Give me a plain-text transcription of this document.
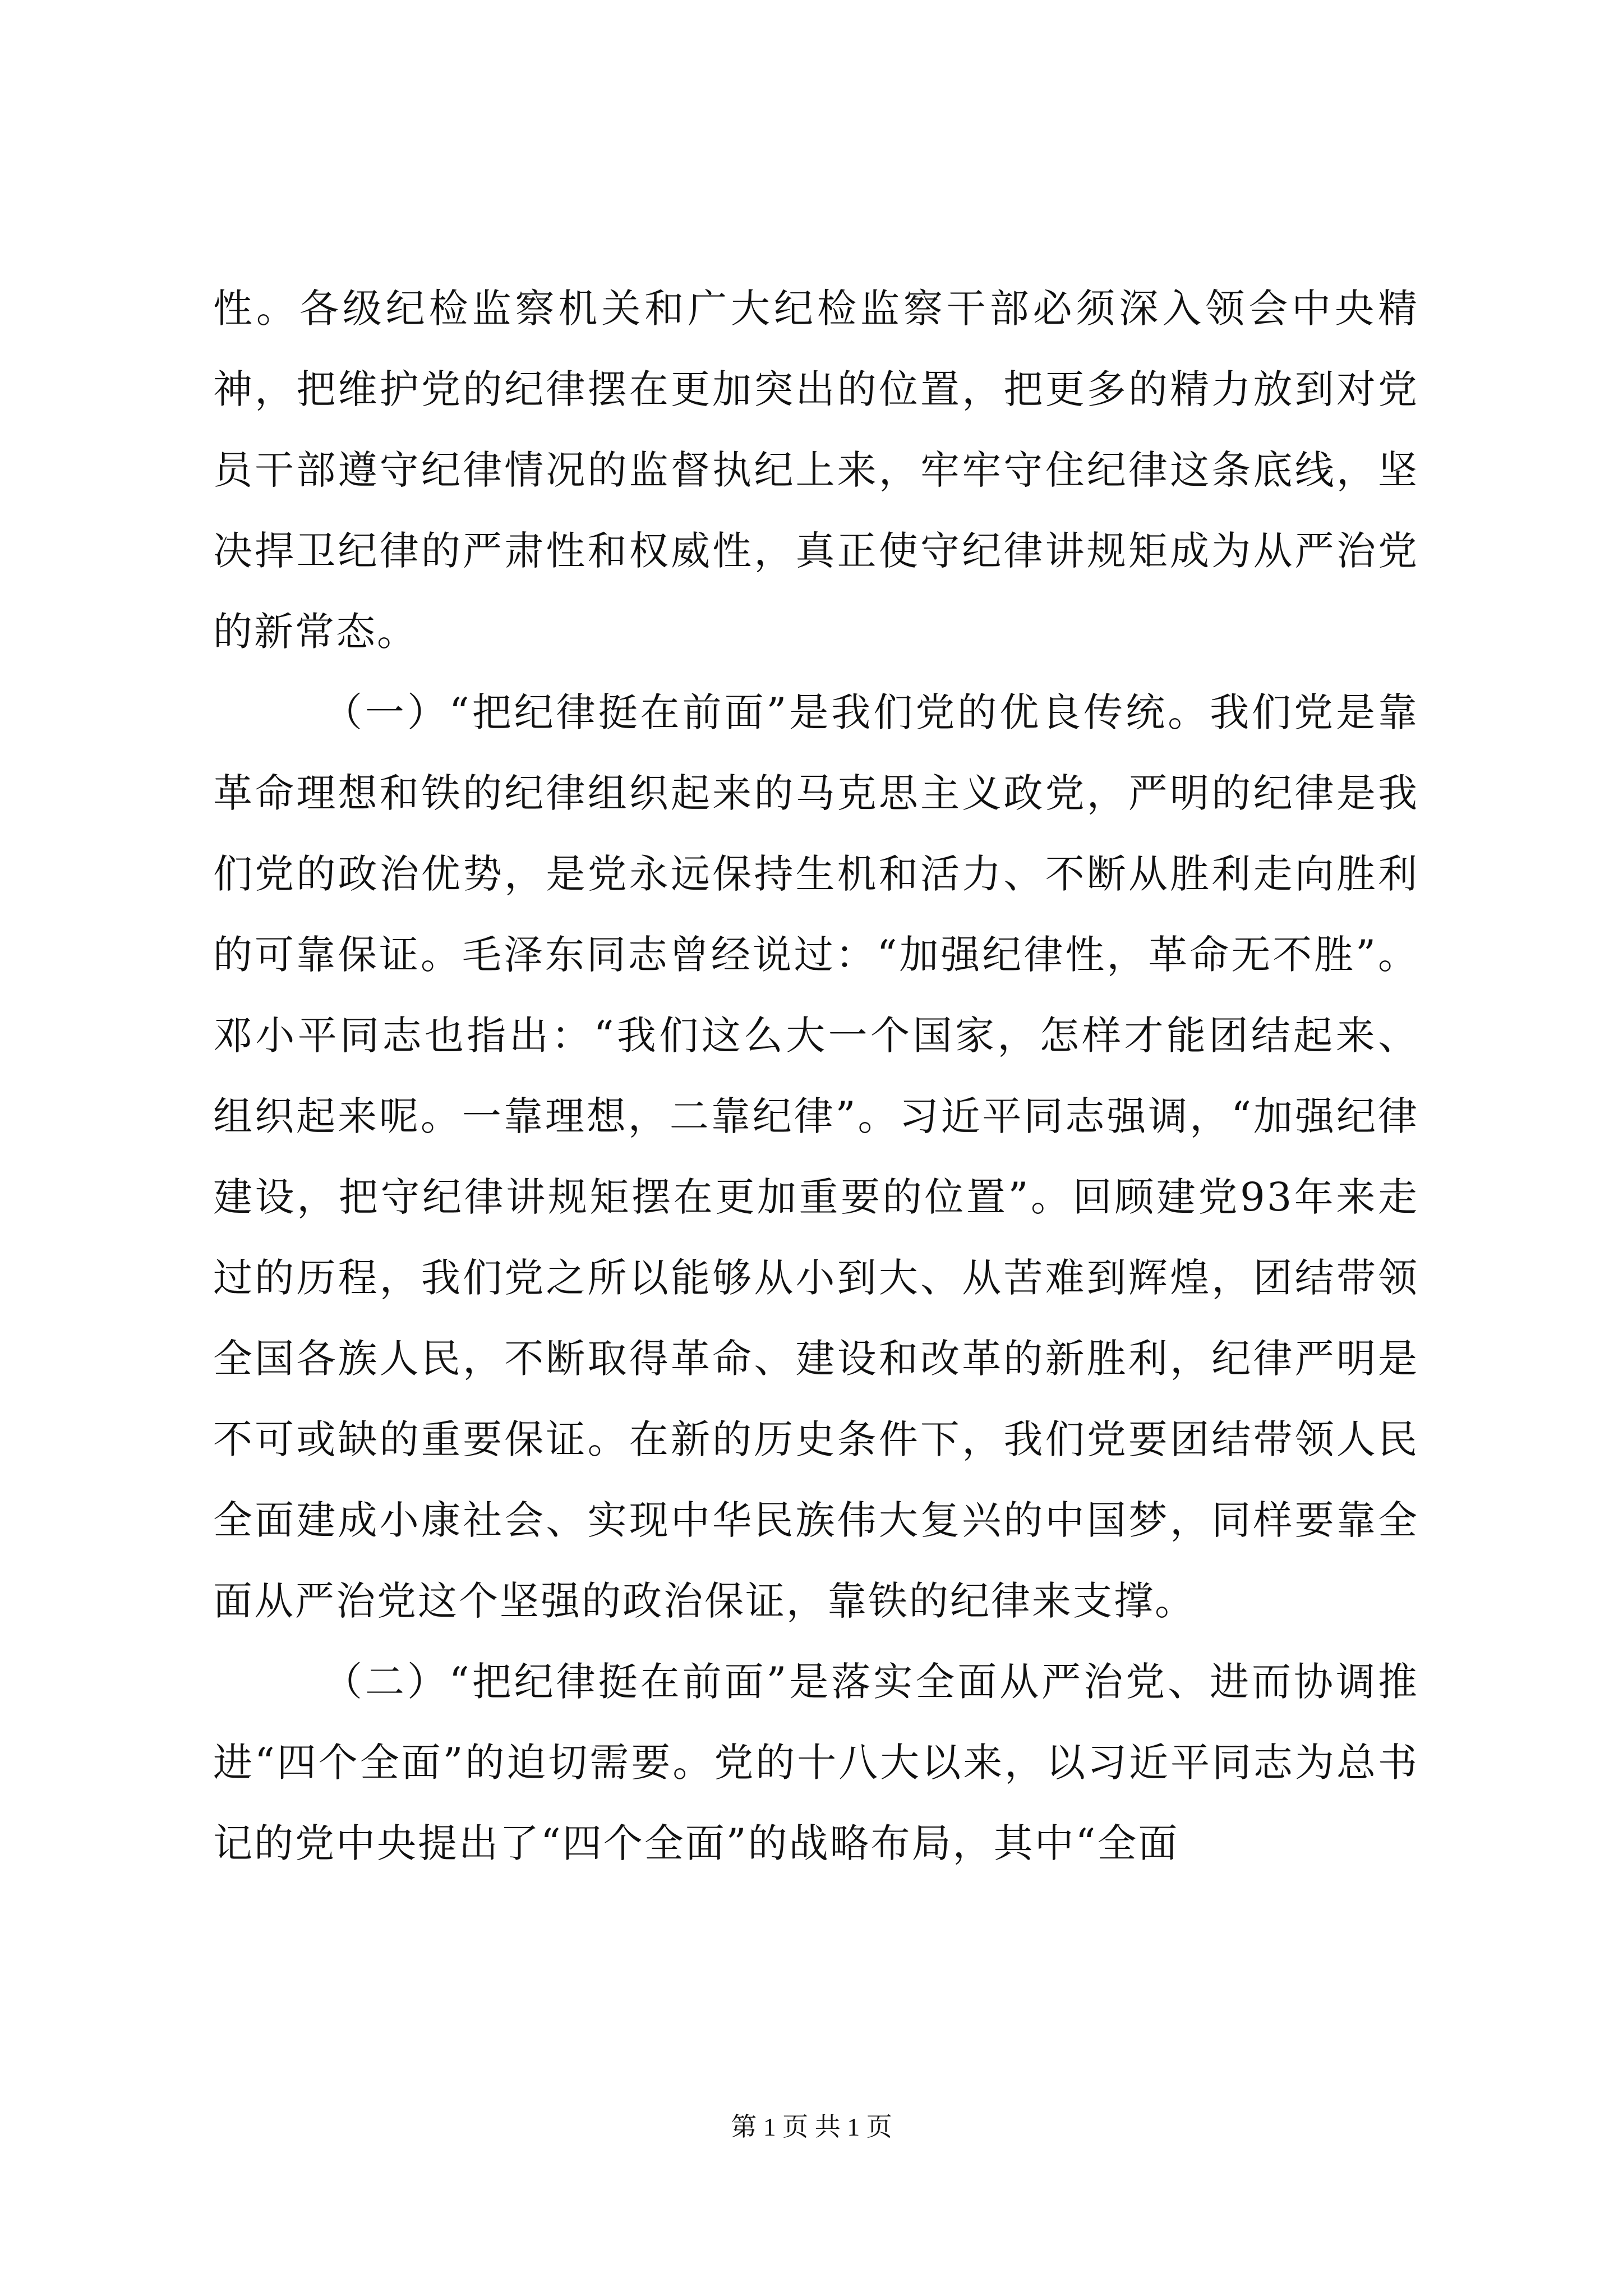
性。各级纪检监察机关和广大纪检监察干部必须深入领会中央精神，把维护党的纪律摆在更加突出的位置，把更多的精力放到对党员干部遵守纪律情况的监督执纪上来，牢牢守住纪律这条底线，坚决捍卫纪律的严肃性和权威性，真正使守纪律讲规矩成为从严治党的新常态。

（一）“把纪律挺在前面”是我们党的优良传统。我们党是靠革命理想和铁的纪律组织起来的马克思主义政党，严明的纪律是我们党的政治优势，是党永远保持生机和活力、不断从胜利走向胜利的可靠保证。毛泽东同志曾经说过：“加强纪律性，革命无不胜”。邓小平同志也指出：“我们这么大一个国家，怎样才能团结起来、组织起来呢。一靠理想，二靠纪律”。习近平同志强调，“加强纪律建设，把守纪律讲规矩摆在更加重要的位置”。回顾建党93年来走过的历程，我们党之所以能够从小到大、从苦难到辉煌，团结带领全国各族人民，不断取得革命、建设和改革的新胜利，纪律严明是不可或缺的重要保证。在新的历史条件下，我们党要团结带领人民全面建成小康社会、实现中华民族伟大复兴的中国梦，同样要靠全面从严治党这个坚强的政治保证，靠铁的纪律来支撑。

（二）“把纪律挺在前面”是落实全面从严治党、进而协调推进“四个全面”的迫切需要。党的十八大以来，以习近平同志为总书记的党中央提出了“四个全面”的战略布局，其中“全面

第 1 页 共 1 页
